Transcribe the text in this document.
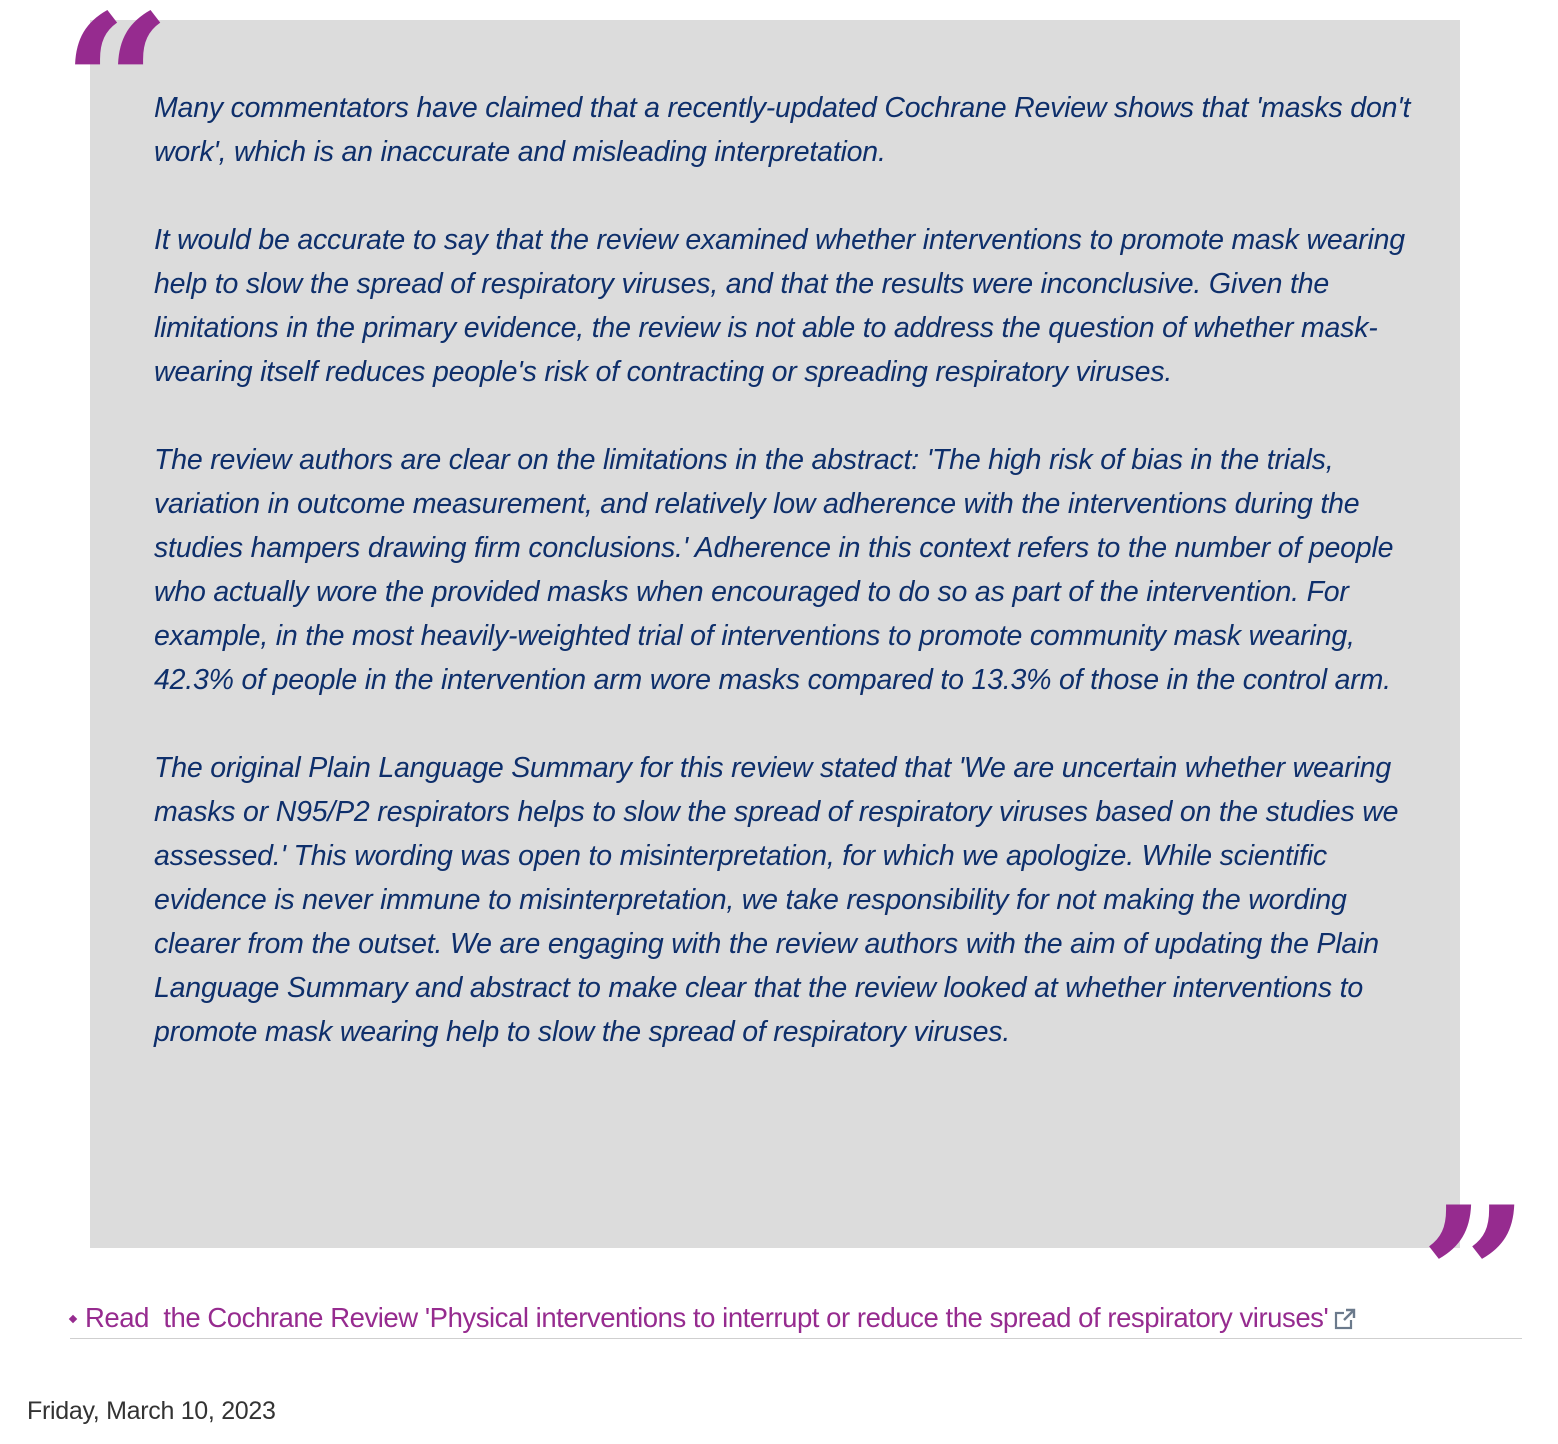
Many commentators have claimed that a recently-updated Cochrane Review shows that 'masks don't work', which is an inaccurate and misleading interpretation.

It would be accurate to say that the review examined whether interventions to promote mask wearing help to slow the spread of respiratory viruses, and that the results were inconclusive. Given the limitations in the primary evidence, the review is not able to address the question of whether mask-wearing itself reduces people's risk of contracting or spreading respiratory viruses.

The review authors are clear on the limitations in the abstract: 'The high risk of bias in the trials, variation in outcome measurement, and relatively low adherence with the interventions during the studies hampers drawing firm conclusions.' Adherence in this context refers to the number of people who actually wore the provided masks when encouraged to do so as part of the intervention. For example, in the most heavily-weighted trial of interventions to promote community mask wearing, 42.3% of people in the intervention arm wore masks compared to 13.3% of those in the control arm.

The original Plain Language Summary for this review stated that 'We are uncertain whether wearing masks or N95/P2 respirators helps to slow the spread of respiratory viruses based on the studies we assessed.' This wording was open to misinterpretation, for which we apologize. While scientific evidence is never immune to misinterpretation, we take responsibility for not making the wording clearer from the outset. We are engaging with the review authors with the aim of updating the Plain Language Summary and abstract to make clear that the review looked at whether interventions to promote mask wearing help to slow the spread of respiratory viruses.

“
”
Read  the Cochrane Review 'Physical interventions to interrupt or reduce the spread of respiratory viruses'
Friday, March 10, 2023
